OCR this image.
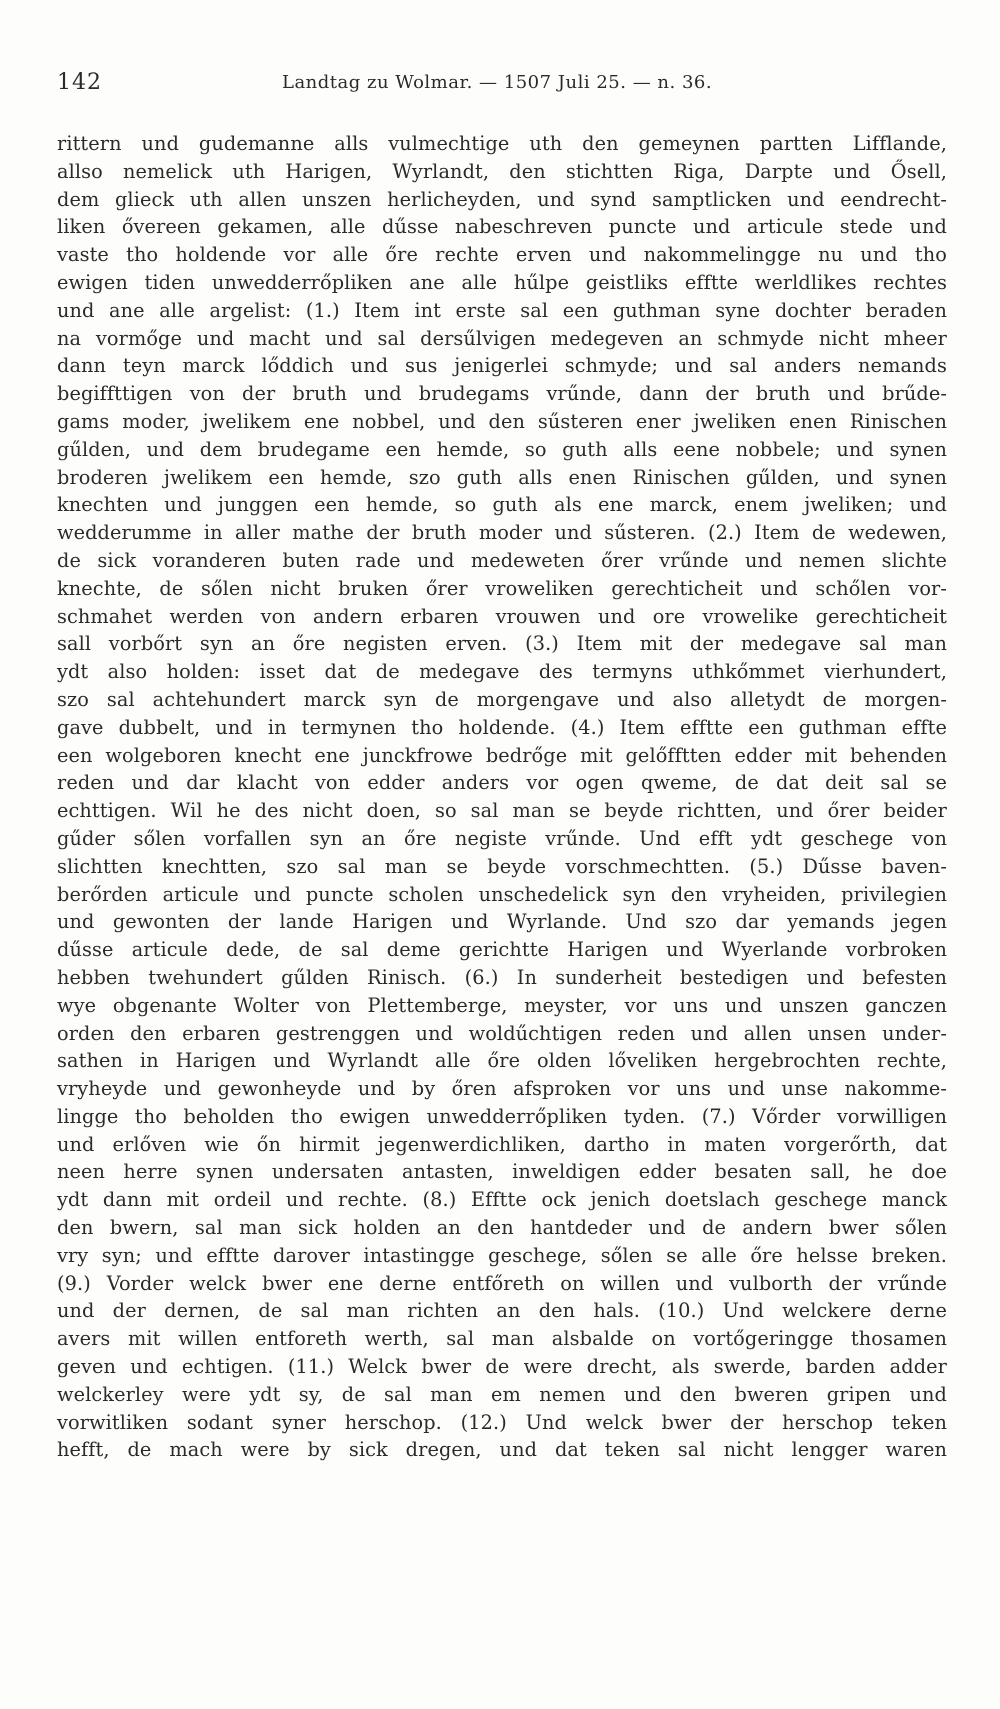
142	Landtag zu Wolmar. — 1507 Juli 25. — n. 36.
rittern und gudemanne alls vulmechtige uth den gemeynen partten Lifflande,
allso nemelick uth Harigen, Wyrlandt, den stichtten Riga, Darpte und Ősell,
dem glieck uth allen unszen herlicheyden, und synd samptlicken und eendrecht-
liken ővereen gekamen, alle dűsse nabeschreven puncte und articule stede und
vaste tho holdende vor alle őre rechte erven und nakommelingge nu und tho
ewigen tiden unwedderrőpliken ane alle hűlpe geistliks efftte werldlikes rechtes
und ane alle argelist: (1.) Item int erste sal een guthman syne dochter beraden
na vormőge und macht und sal dersűlvigen medegeven an schmyde nicht mheer
dann teyn marck lőddich und sus jenigerlei schmyde; und sal anders nemands
begiffttigen von der bruth und brudegams vrűnde, dann der bruth und brűde-
gams moder, jwelikem ene nobbel, und den sűsteren ener jweliken enen Rinischen
gűlden, und dem brudegame een hemde, so guth alls eene nobbele; und synen
broderen jwelikem een hemde, szo guth alls enen Rinischen gűlden, und synen
knechten und junggen een hemde, so guth als ene marck, enem jweliken; und
wedderumme in aller mathe der bruth moder und sűsteren. (2.) Item de wedewen,
de sick voranderen buten rade und medeweten őrer vrűnde und nemen slichte
knechte, de sőlen nicht bruken őrer vroweliken gerechticheit und schőlen vor-
schmahet werden von andern erbaren vrouwen und ore vrowelike gerechticheit
sall vorbőrt syn an őre negisten erven. (3.) Item mit der medegave sal man
ydt also holden: isset dat de medegave des termyns uthkőmmet vierhundert,
szo sal achtehundert marck syn de morgengave und also alletydt de morgen-
gave dubbelt, und in termynen tho holdende. (4.) Item efftte een guthman effte
een wolgeboren knecht ene junckfrowe bedrőge mit gelőfftten edder mit behenden
reden und dar klacht von edder anders vor ogen qweme, de dat deit sal se
echttigen. Wil he des nicht doen, so sal man se beyde richtten, und őrer beider
gűder sőlen vorfallen syn an őre negiste vrűnde. Und efft ydt geschege von
slichtten knechtten, szo sal man se beyde vorschmechtten. (5.) Dűsse baven-
berőrden articule und puncte scholen unschedelick syn den vryheiden, privilegien
und gewonten der lande Harigen und Wyrlande. Und szo dar yemands jegen
dűsse articule dede, de sal deme gerichtte Harigen und Wyerlande vorbroken
hebben twehundert gűlden Rinisch. (6.) In sunderheit bestedigen und befesten
wye obgenante Wolter von Plettemberge, meyster, vor uns und unszen ganczen
orden den erbaren gestrenggen und woldűchtigen reden und allen unsen under-
sathen in Harigen und Wyrlandt alle őre olden lőveliken hergebrochten rechte,
vryheyde und gewonheyde und by őren afsproken vor uns und unse nakomme-
lingge tho beholden tho ewigen unwedderrőpliken tyden. (7.) Vőrder vorwilligen
und erlőven wie őn hirmit jegenwerdichliken, dartho in maten vorgerőrth, dat
neen herre synen undersaten antasten, inweldigen edder besaten sall, he doe
ydt dann mit ordeil und rechte. (8.) Efftte ock jenich doetslach geschege manck
den bwern, sal man sick holden an den hantdeder und de andern bwer sőlen
vry syn; und efftte darover intastingge geschege, sőlen se alle őre helsse breken.
(9.) Vorder welck bwer ene derne entfőreth on willen und vulborth der vrűnde
und der dernen, de sal man richten an den hals. (10.) Und welckere derne
avers mit willen entforeth werth, sal man alsbalde on vortőgeringge thosamen
geven und echtigen. (11.) Welck bwer de were drecht, als swerde, barden adder
welckerley were ydt sy, de sal man em nemen und den bweren gripen und
vorwitliken sodant syner herschop. (12.) Und welck bwer der herschop teken
hefft, de mach were by sick dregen, und dat teken sal nicht lengger waren
